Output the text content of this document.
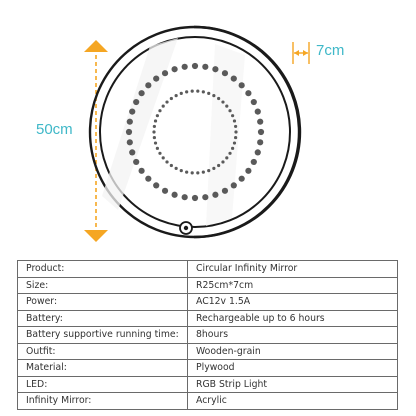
50cm
7cm
Product:	Circular Infinity Mirror
Size:	R25cm*7cm
Power:	AC12v 1.5A
Battery:	Rechargeable up to 6 hours
Battery supportive running time:	8hours
Outfit:	Wooden-grain
Material:	Plywood
LED:	RGB Strip Light
Infinity Mirror:	Acrylic
